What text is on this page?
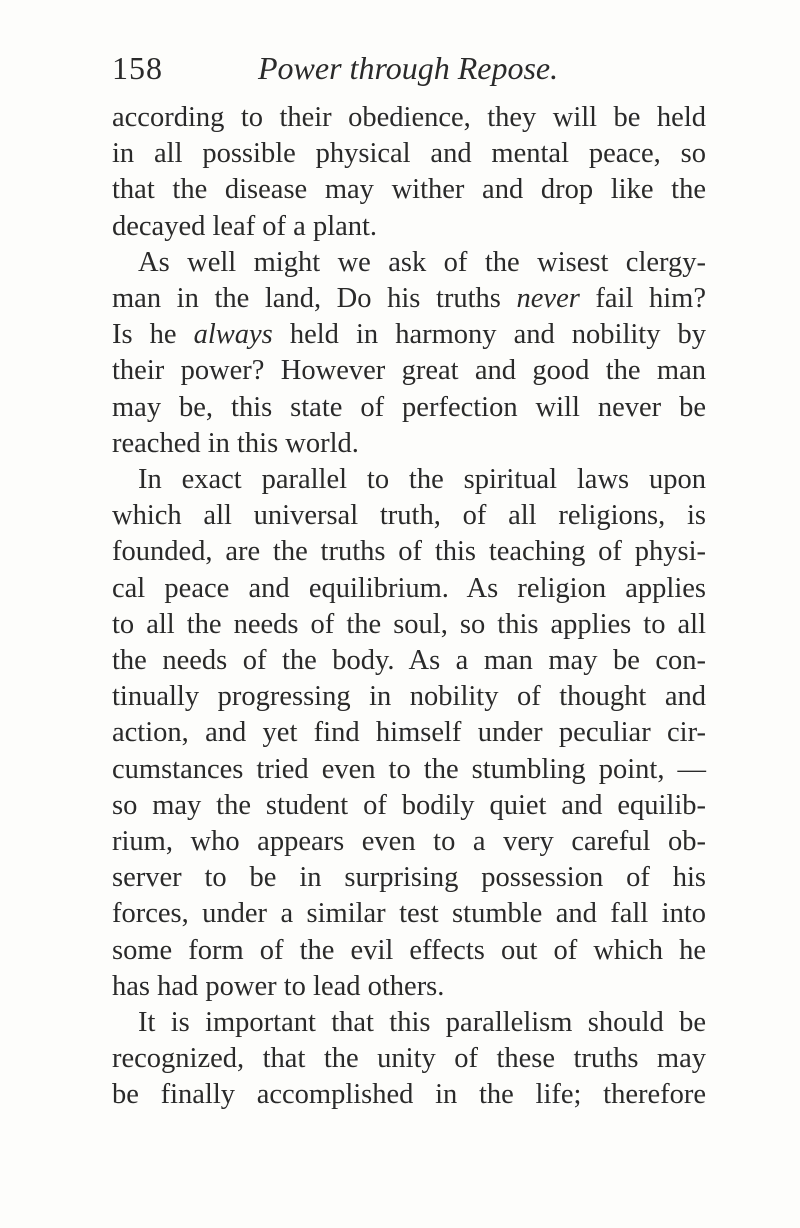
158	Power through Repose.
according to their obedience, they will be held
in all possible physical and mental peace, so
that the disease may wither and drop like the
decayed leaf of a plant.
As well might we ask of the wisest clergy-
man in the land, Do his truths never fail him?
Is he always held in harmony and nobility by
their power? However great and good the man
may be, this state of perfection will never be
reached in this world.
In exact parallel to the spiritual laws upon
which all universal truth, of all religions, is
founded, are the truths of this teaching of physi-
cal peace and equilibrium. As religion applies
to all the needs of the soul, so this applies to all
the needs of the body. As a man may be con-
tinually progressing in nobility of thought and
action, and yet find himself under peculiar cir-
cumstances tried even to the stumbling point, —
so may the student of bodily quiet and equilib-
rium, who appears even to a very careful ob-
server to be in surprising possession of his
forces, under a similar test stumble and fall into
some form of the evil effects out of which he
has had power to lead others.
It is important that this parallelism should be
recognized, that the unity of these truths may
be finally accomplished in the life; therefore
